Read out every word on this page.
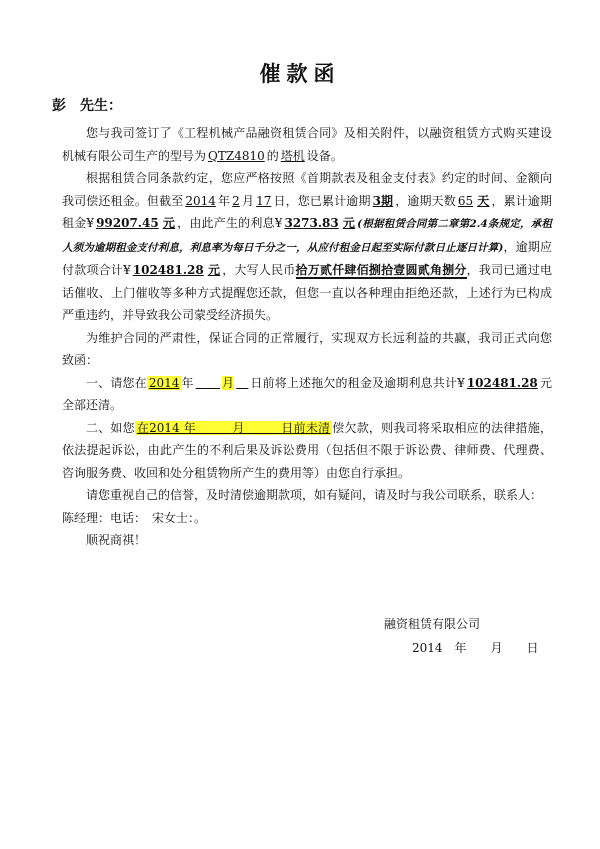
催款函
彭　先生：

您与我司签订了《工程机械产品融资租赁合同》及相关附件，以融资租赁方式购买建设机械有限公司生产的型号为 QTZ4810 的 塔机 设备。

根据租赁合同条款约定，您应严格按照《首期款表及租金支付表》约定的时间、金额向我司偿还租金。但截至 2014 年 2 月 17 日，您已累计逾期 3期 ，逾期天数 65 天 ，累计逾期租金¥ 99207.45 元 ，由此产生的利息¥ 3273.83 元 (根据租赁合同第二章第2.4条规定，承租人须为逾期租金支付利息，利息率为每日千分之一，从应付租金日起至实际付款日止逐日计算)，逾期应付款项合计¥ 102481.28 元 ，大写人民币拾万贰仟肆佰捌拾壹圆贰角捌分，我司已通过电话催收、上门催收等多种方式提醒您还款，但您一直以各种理由拒绝还款，上述行为已构成严重违约，并导致我公司蒙受经济损失。

为维护合同的严肃性，保证合同的正常履行，实现双方长远利益的共赢，我司正式向您致函：

一、请您在 2014 年　　 月　 日前将上述拖欠的租金及逾期利息共计¥ 102481.28 元全部还清。

二、如您 在2014 年　　　月　　　日前未清 偿欠款，则我司将采取相应的法律措施，依法提起诉讼，由此产生的不利后果及诉讼费用（包括但不限于诉讼费、律师费、代理费、咨询服务费、收回和处分租赁物所产生的费用等）由您自行承担。

请您重视自己的信誉，及时清偿逾期款项，如有疑问，请及时与我公司联系，联系人：

陈经理：电话：　宋女士：。

顺祝商祺！

融资租赁有限公司
2014　年　　月　　日
